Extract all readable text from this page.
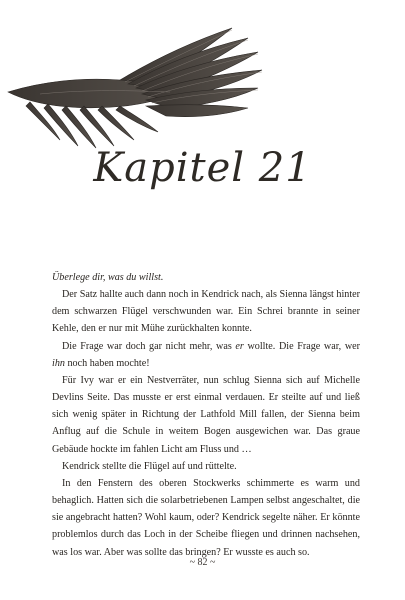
Kapitel 21

Überlege dir, was du willst.

Der Satz hallte auch dann noch in Kendrick nach, als Sienna längst hinter dem schwarzen Flügel verschwunden war. Ein Schrei brannte in seiner Kehle, den er nur mit Mühe zurückhalten konnte.

Die Frage war doch gar nicht mehr, was er wollte. Die Frage war, wer ihn noch haben mochte!

Für Ivy war er ein Nestverräter, nun schlug Sienna sich auf Michelle Devlins Seite. Das musste er erst einmal verdauen. Er steilte auf und ließ sich wenig später in Richtung der Lathfold Mill fallen, der Sienna beim Anflug auf die Schule in weitem Bogen ausgewichen war. Das graue Gebäude hockte im fahlen Licht am Fluss und …

Kendrick stellte die Flügel auf und rüttelte.

In den Fenstern des oberen Stockwerks schimmerte es warm und behaglich. Hatten sich die solarbetriebenen Lampen selbst angeschaltet, die sie angebracht hatten? Wohl kaum, oder? Kendrick segelte näher. Er könnte problemlos durch das Loch in der Scheibe fliegen und drinnen nachsehen, was los war. Aber was sollte das bringen? Er wusste es auch so.

~ 82 ~
